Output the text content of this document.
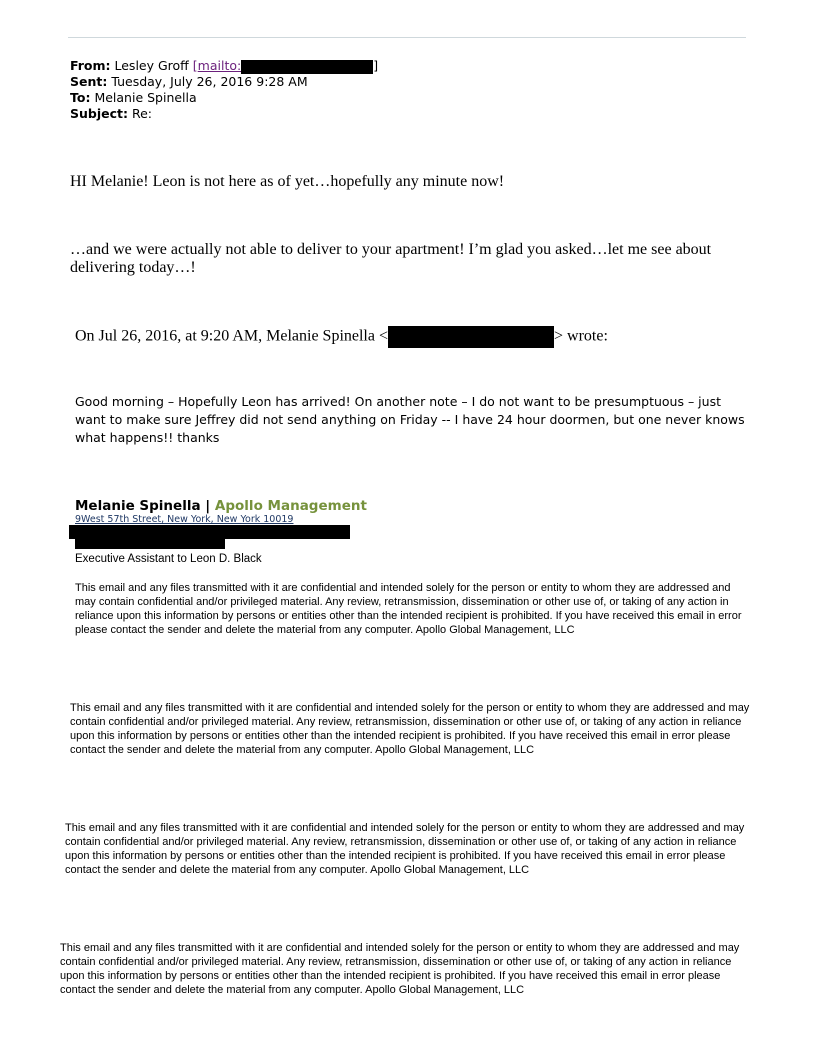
From: Lesley Groff [mailto:	]
Sent: Tuesday, July 26, 2016 9:28 AM
To: Melanie Spinella
Subject: Re:
HI Melanie! Leon is not here as of yet…hopefully any minute now!
…and we were actually not able to deliver to your apartment! I’m glad you asked…let me see about delivering today…!
On Jul 26, 2016, at 9:20 AM, Melanie Spinella <	> wrote:
Good morning – Hopefully Leon has arrived! On another note – I do not want to be presumptuous – just want to make sure Jeffrey did not send anything on Friday -- I have 24 hour doormen, but one never knows what happens!! thanks
Melanie Spinella | Apollo Management
9West 57th Street, New York, New York 10019
Executive Assistant to Leon D. Black
This email and any files transmitted with it are confidential and intended solely for the person or entity to whom they are addressed and may contain confidential and/or privileged material. Any review, retransmission, dissemination or other use of, or taking of any action in reliance upon this information by persons or entities other than the intended recipient is prohibited. If you have received this email in error please contact the sender and delete the material from any computer. Apollo Global Management, LLC
This email and any files transmitted with it are confidential and intended solely for the person or entity to whom they are addressed and may contain confidential and/or privileged material. Any review, retransmission, dissemination or other use of, or taking of any action in reliance upon this information by persons or entities other than the intended recipient is prohibited. If you have received this email in error please contact the sender and delete the material from any computer. Apollo Global Management, LLC
This email and any files transmitted with it are confidential and intended solely for the person or entity to whom they are addressed and may contain confidential and/or privileged material. Any review, retransmission, dissemination or other use of, or taking of any action in reliance upon this information by persons or entities other than the intended recipient is prohibited. If you have received this email in error please contact the sender and delete the material from any computer. Apollo Global Management, LLC
This email and any files transmitted with it are confidential and intended solely for the person or entity to whom they are addressed and may contain confidential and/or privileged material. Any review, retransmission, dissemination or other use of, or taking of any action in reliance upon this information by persons or entities other than the intended recipient is prohibited. If you have received this email in error please contact the sender and delete the material from any computer. Apollo Global Management, LLC
